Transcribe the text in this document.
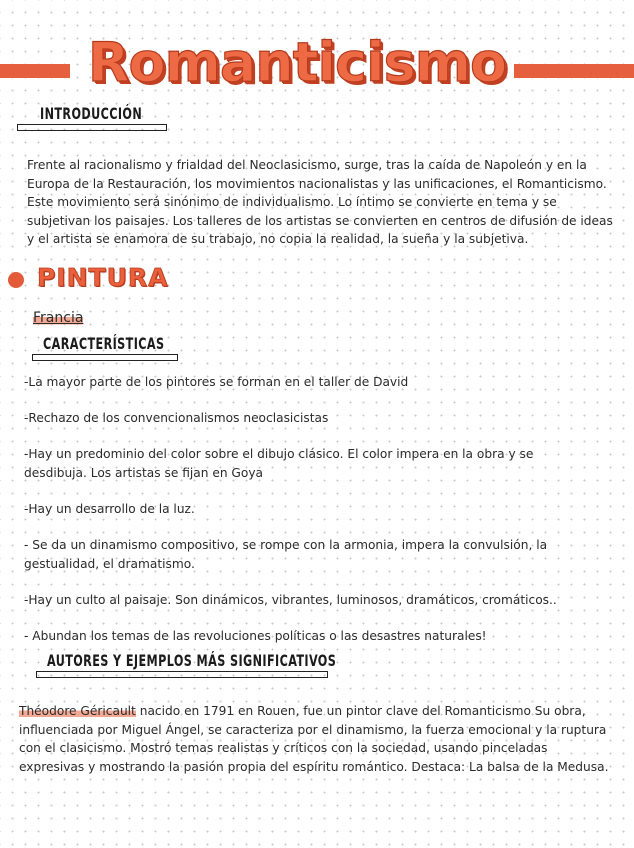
Romanticismo
INTRODUCCIÓN

Frente al racionalismo y frialdad del Neoclasicismo, surge, tras la caída de Napoleón y en la Europa de la Restauración, los movimientos nacionalistas y las unificaciones, el Romanticismo. Este movimiento será sinónimo de individualismo. Lo íntimo se convierte en tema y se subjetivan los paisajes. Los talleres de los artistas se convierten en centros de difusión de ideas y el artista se enamora de su trabajo, no copia la realidad, la sueña y la subjetiva.

PINTURA
Francia
CARACTERÍSTICAS

-La mayor parte de los pintores se forman en el taller de David

-Rechazo de los convencionalismos neoclasicistas

-Hay un predominio del color sobre el dibujo clásico. El color impera en la obra y se desdibuja. Los artistas se fijan en Goya

-Hay un desarrollo de la luz.

- Se da un dinamismo compositivo, se rompe con la armonia, impera la convulsión, la gestualidad, el dramatismo.

-Hay un culto al paisaje. Son dinámicos, vibrantes, luminosos, dramáticos, cromáticos..

- Abundan los temas de las revoluciones políticas o las desastres naturales!

AUTORES Y EJEMPLOS MÁS SIGNIFICATIVOS

Théodore Géricault nacido en 1791 en Rouen, fue un pintor clave del Romanticismo Su obra, influenciada por Miguel Ángel, se caracteriza por el dinamismo, la fuerza emocional y la ruptura con el clasicismo. Mostró temas realistas y críticos con la sociedad, usando pinceladas expresivas y mostrando la pasión propia del espíritu romántico. Destaca: La balsa de la Medusa.
